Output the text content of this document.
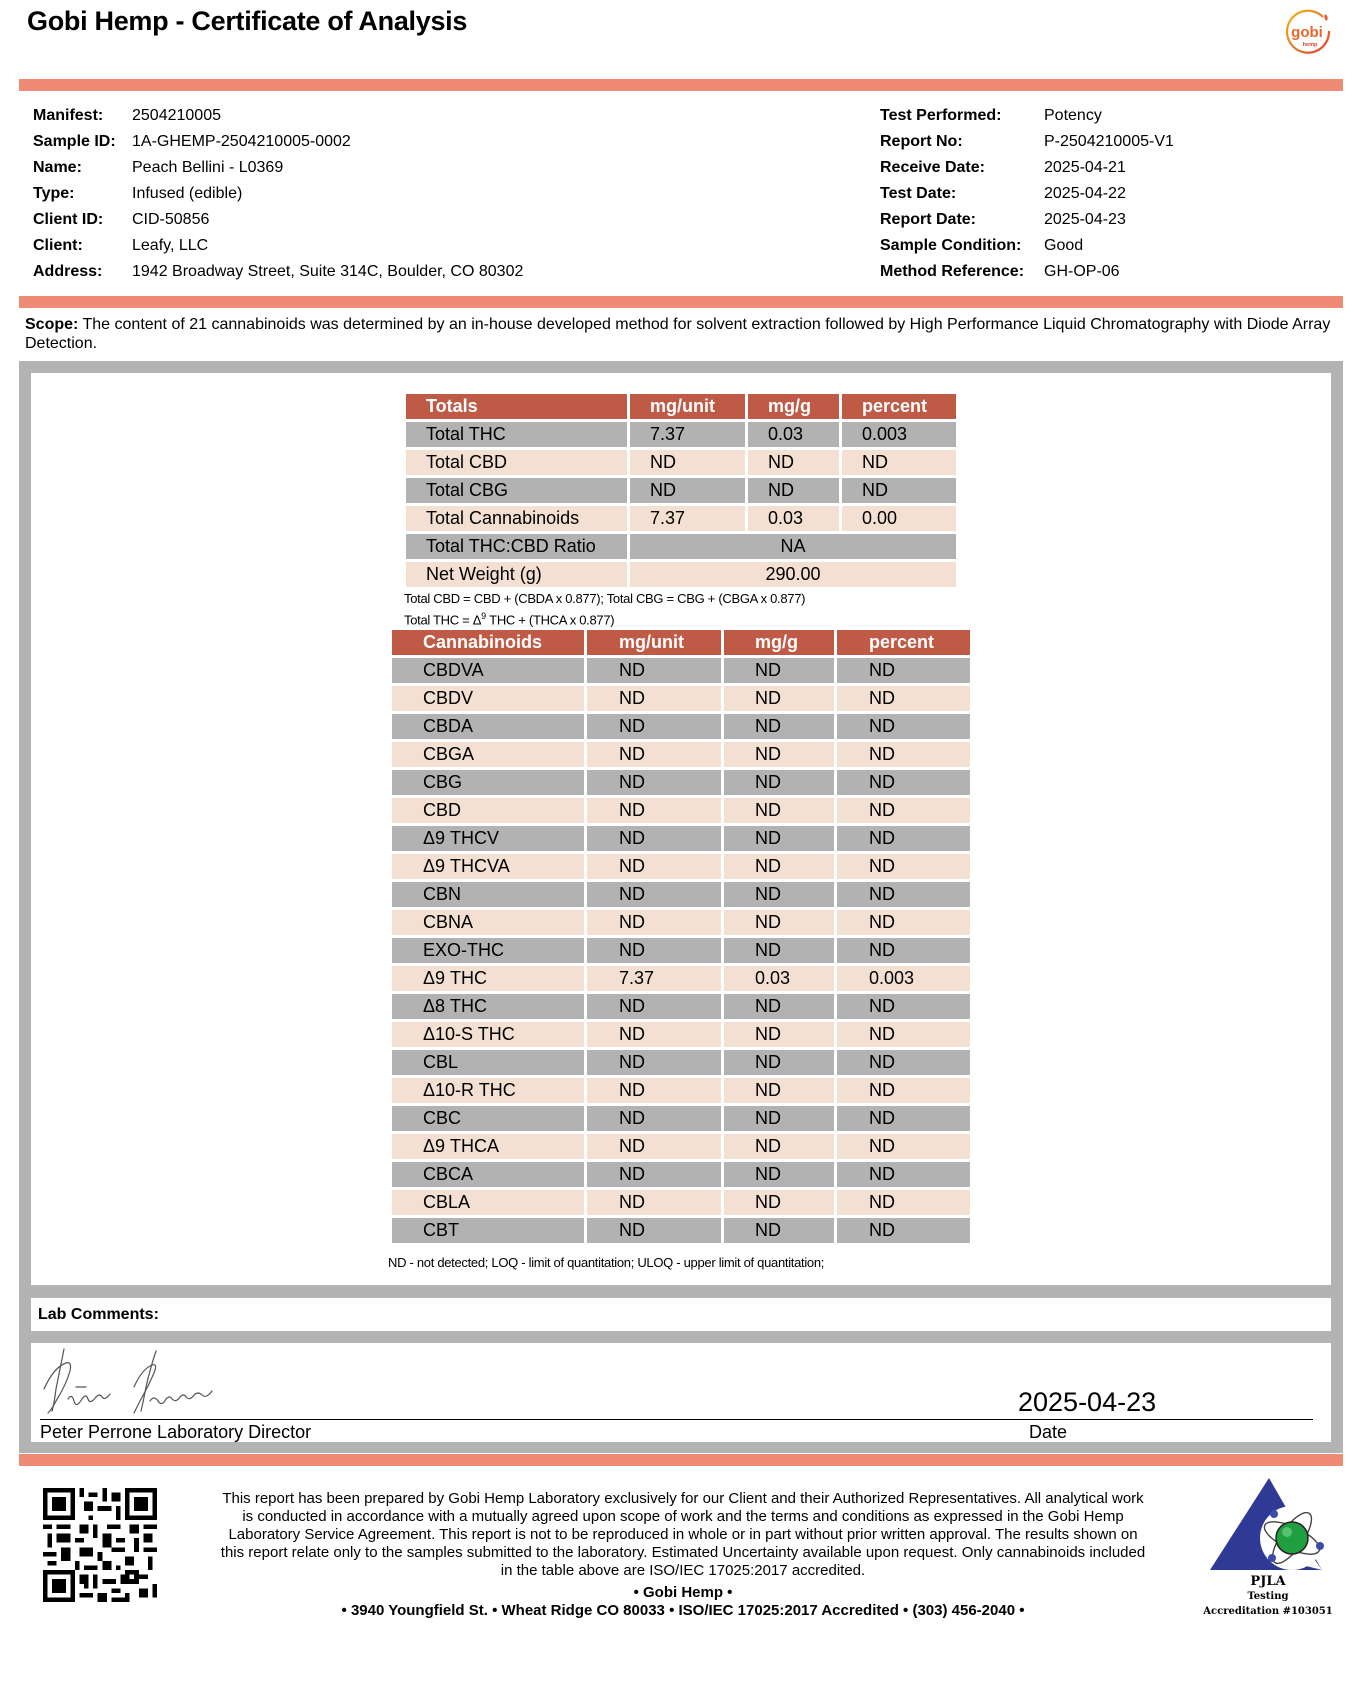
Gobi Hemp - Certificate of Analysis	gobi
hemp
Manifest: 2504210005
Sample ID: 1A-GHEMP-2504210005-0002
Name:	Peach Bellini - L0369
Type:	Infused (edible)
Client ID: CID-50856
Client:	Leafy, LLC
Address: 1942 Broadway Street, Suite 314C, Boulder, CO 80302
Test Performed:	Potency
Report No:	P-2504210005-V1
Receive Date:	2025-04-21
Test Date:	2025-04-22
Report Date:	2025-04-23
Sample Condition: Good
Method Reference: GH-OP-06
Scope: The content of 21 cannabinoids was determined by an in-house developed method for solvent extraction followed by High Performance Liquid Chromatography with Diode Array Detection.
Totals	mg/unit	mg/g	percent
Total THC	7.37	0.03	0.003
Total CBD	ND	ND	ND
Total CBG	ND	ND	ND
Total Cannabinoids	7.37	0.03	0.00
Total THC:CBD Ratio	NA		
Net Weight (g)	290.00		
Total CBD = CBD + (CBDA x 0.877); Total CBG = CBG + (CBGA x 0.877)
Total THC = $\Delta^9$ THC + (THCA x 0.877)
Cannabinoids	mg/unit	mg/g	percent
CBDVA	ND	ND	ND
CBDV	ND	ND	ND
CBDA	ND	ND	ND
CBGA	ND	ND	ND
CBG	ND	ND	ND
CBD	ND	ND	ND
Δ9 THCV	ND	ND	ND
Δ9 THCVA	ND	ND	ND
CBN	ND	ND	ND
CBNA	ND	ND	ND
EXO-THC	ND	ND	ND
Δ9 THC	7.37	0.03	0.003
Δ8 THC	ND	ND	ND
Δ10-S THC	ND	ND	ND
CBL	ND	ND	ND
Δ10-R THC	ND	ND	ND
CBC	ND	ND	ND
Δ9 THCA	ND	ND	ND
CBCA	ND	ND	ND
CBLA	ND	ND	ND
CBT	ND	ND	ND
ND - not detected; LOQ - limit of quantitation; ULOQ - upper limit of quantitation;
Lab Comments:
Peter Perrone Laboratory Director
2025-04-23
Date
This report has been prepared by Gobi Hemp Laboratory exclusively for our Client and their Authorized Representatives. All analytical work is conducted in accordance with a mutually agreed upon scope of work and the terms and conditions as expressed in the Gobi Hemp Laboratory Service Agreement. This report is not to be reproduced in whole or in part without prior written approval. The results shown on this report relate only to the samples submitted to the laboratory. Estimated Uncertainty available upon request. Only cannabinoids included in the table above are ISO/IEC 17025:2017 accredited.
• Gobi Hemp •
• 3940 Youngfield St. • Wheat Ridge CO 80033 • ISO/IEC 17025:2017 Accredited • (303) 456-2040 •
PJLA
Testing
Accreditation #103051
